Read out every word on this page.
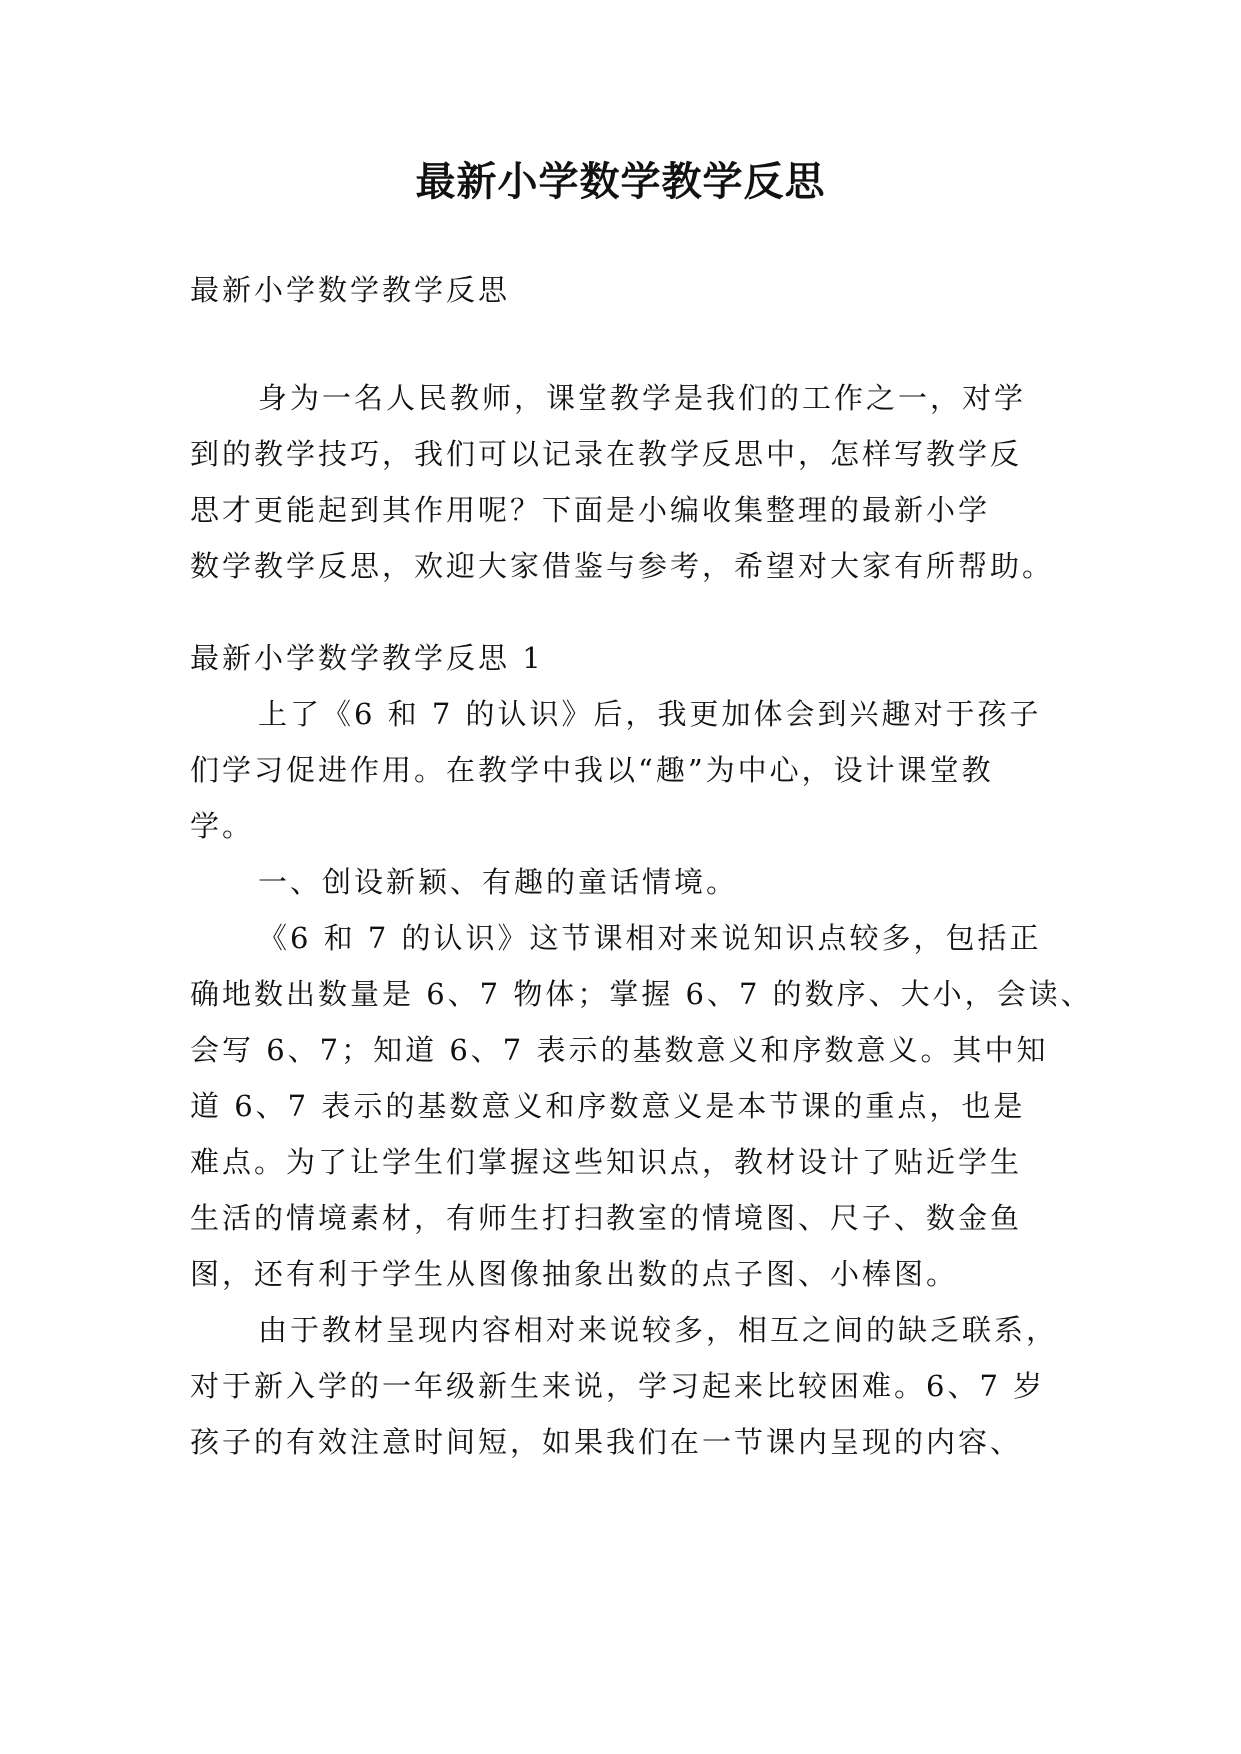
最新小学数学教学反思

最新小学数学教学反思

身为一名人民教师，课堂教学是我们的工作之一，对学

到的教学技巧，我们可以记录在教学反思中，怎样写教学反

思才更能起到其作用呢？下面是小编收集整理的最新小学

数学教学反思，欢迎大家借鉴与参考，希望对大家有所帮助。

最新小学数学教学反思 1

上了《6 和 7 的认识》后，我更加体会到兴趣对于孩子

们学习促进作用。在教学中我以“趣”为中心，设计课堂教

学。

一、创设新颖、有趣的童话情境。

《6 和 7 的认识》这节课相对来说知识点较多，包括正

确地数出数量是 6、7 物体；掌握 6、7 的数序、大小，会读、

会写 6、7；知道 6、7 表示的基数意义和序数意义。其中知

道 6、7 表示的基数意义和序数意义是本节课的重点，也是

难点。为了让学生们掌握这些知识点，教材设计了贴近学生

生活的情境素材，有师生打扫教室的情境图、尺子、数金鱼

图，还有利于学生从图像抽象出数的点子图、小棒图。

由于教材呈现内容相对来说较多，相互之间的缺乏联系，

对于新入学的一年级新生来说，学习起来比较困难。6、7 岁

孩子的有效注意时间短，如果我们在一节课内呈现的内容、
